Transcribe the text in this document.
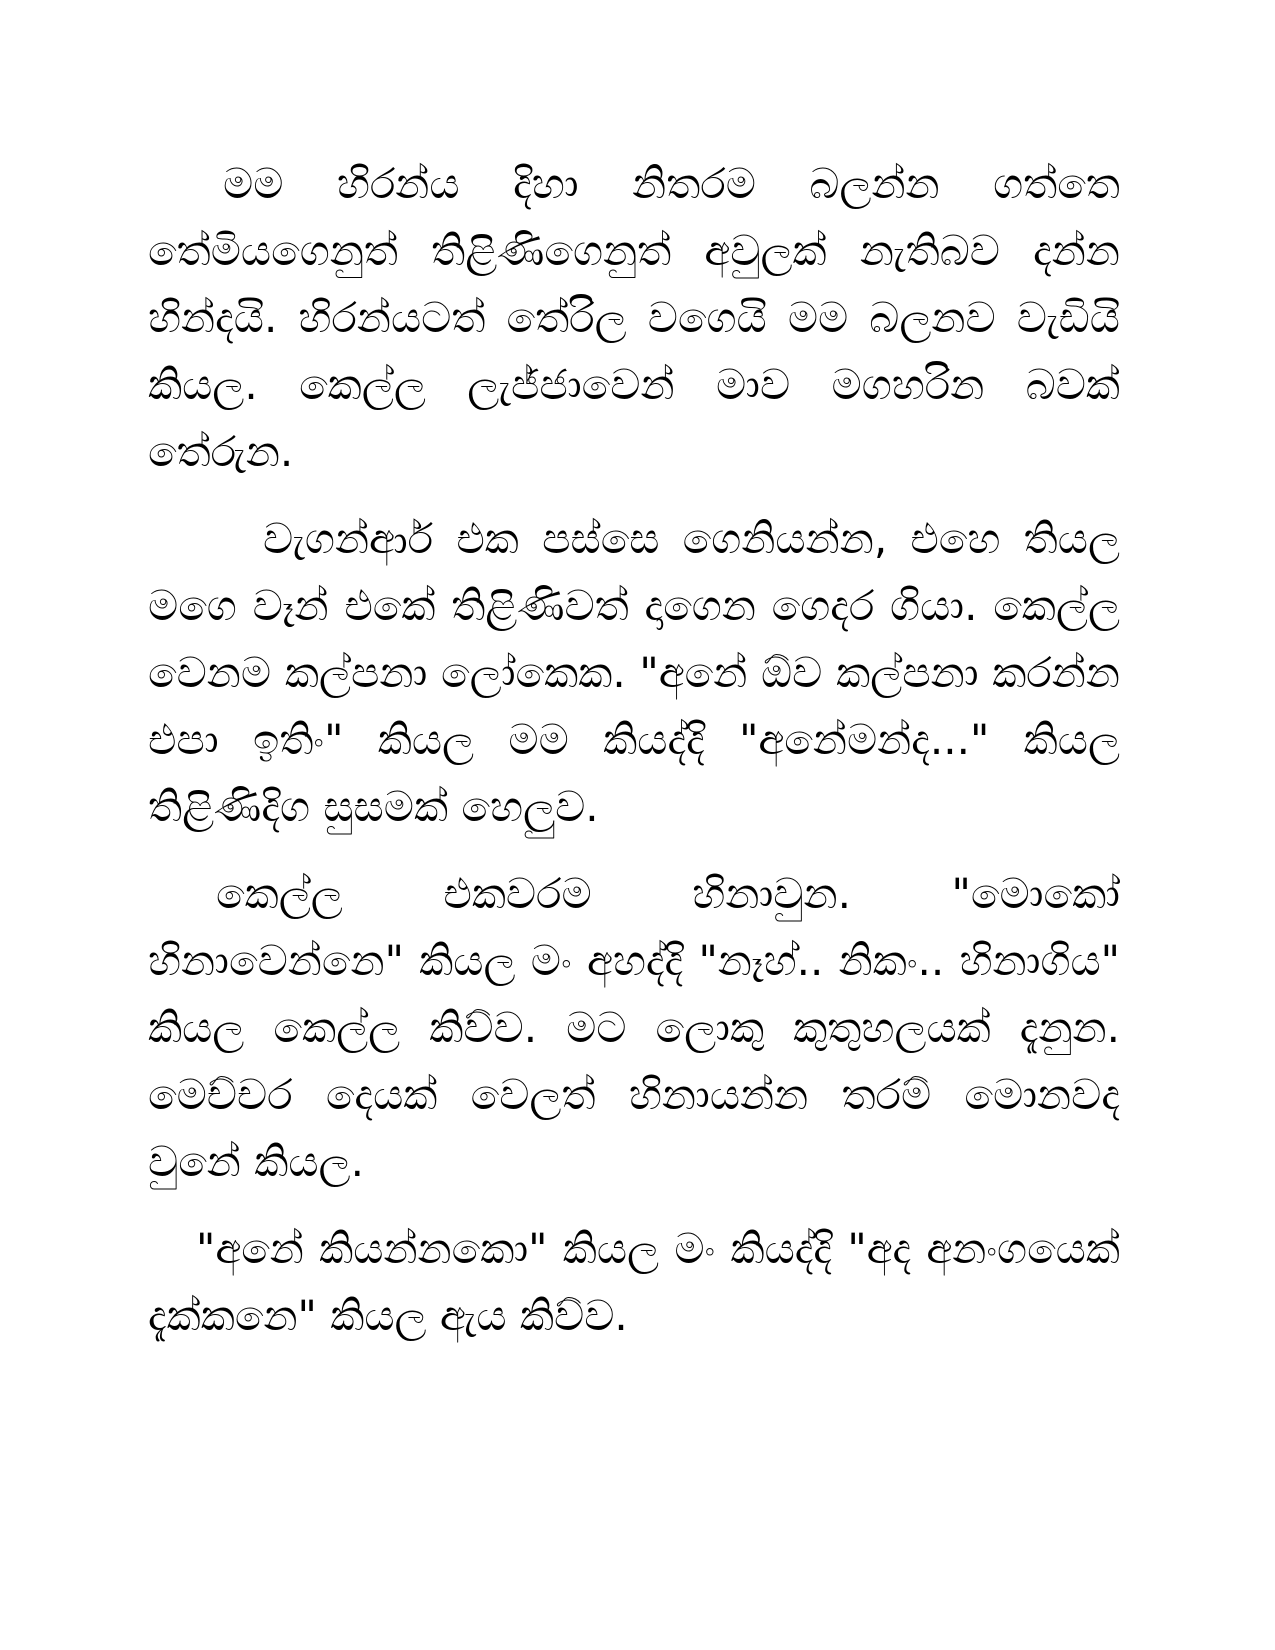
මම හිරන්ය දිහා නිතරම බලන්න ගත්තෙ තේමියගෙනුත් තිළිණිගෙනුත් අවුලක් නැතිබව දන්න හින්දයි. හිරන්යටත් තේරිල වගෙයි මම බලනව වැඩියි කියල. කෙල්ල ලැජ්ජාවෙන් මාව මගහරින බවක් තේරුන.

වැගන්ආර් එක පස්සෙ ගෙනියන්න, එහෙ තියල මගෙ වෑන් එකේ තිළිණිවත් දාගෙන ගෙදර ගියා. කෙල්ල වෙනම කල්පනා ලෝකෙක. "අනේ ඕව කල්පනා කරන්න එපා ඉතිං" කියල මම කියද්දි "අනේමන්ද..." කියල තිළිණිදිග සුසමක් හෙලුව.

කෙල්ල එකවරම හිනාවුන. "මොකෝ හිනාවෙන්නෙ" කියල මං අහද්දි "නෑහ්.. නිකං.. හිනාගිය" කියල කෙල්ල කිව්ව. මට ලොකු කුතුහලයක් දැනුන. මෙච්චර දෙයක් වෙලත් හිනායන්න තරම් මොනවද වුනේ කියල.

"අනේ කියන්නකො" කියල මං කියද්දි "අද අනංගයෙක් දැක්කනෙ" කියල ඇය කිව්ව.
